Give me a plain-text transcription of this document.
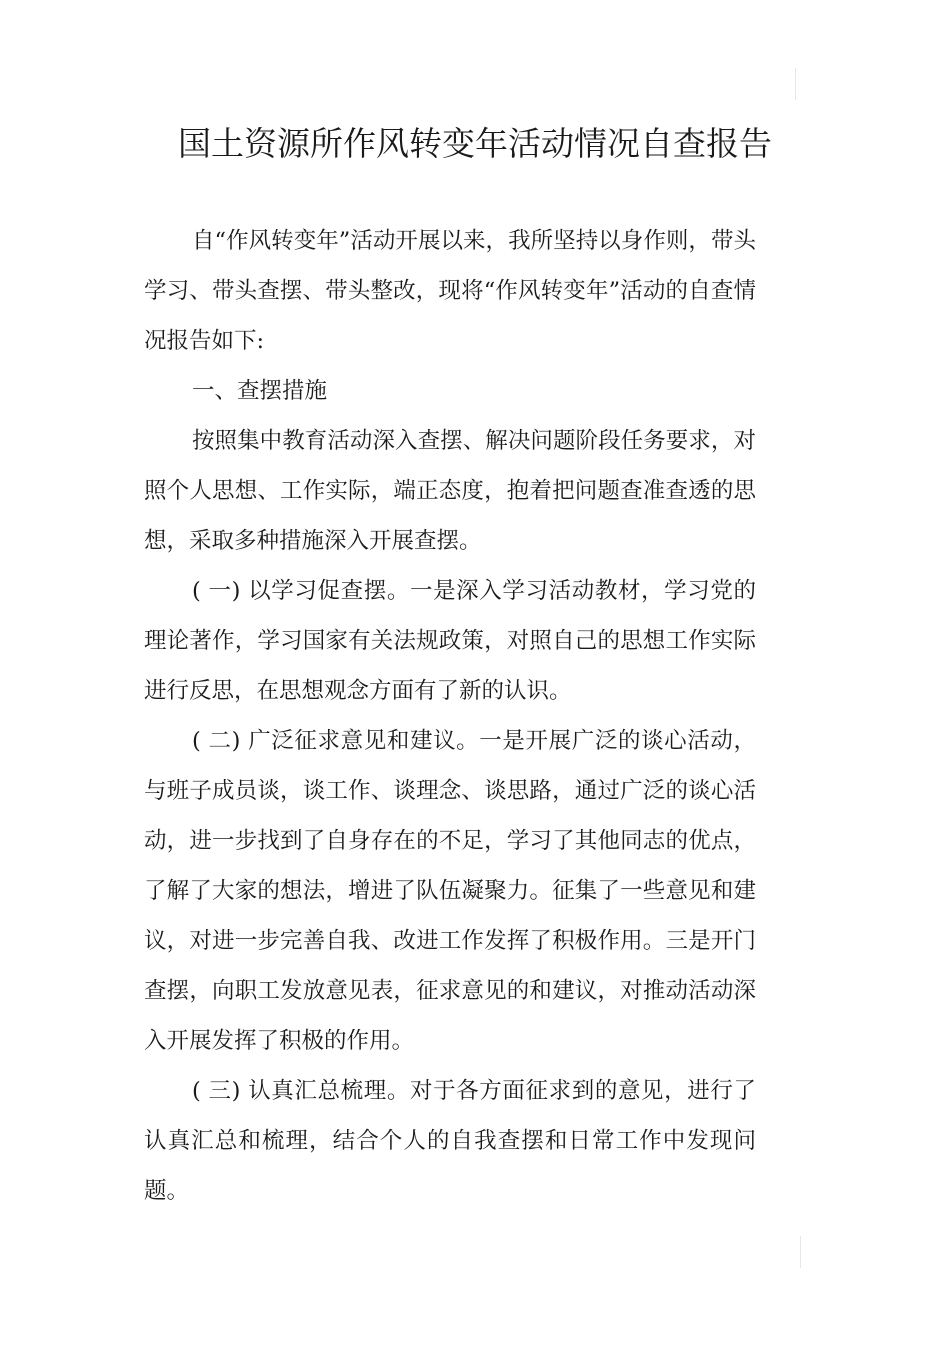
国土资源所作风转变年活动情况自查报告

自“作风转变年”活动开展以来，我所坚持以身作则，带头学习、带头查摆、带头整改，现将“作风转变年”活动的自查情况报告如下:

一、查摆措施

按照集中教育活动深入查摆、解决问题阶段任务要求，对照个人思想、工作实际，端正态度，抱着把问题查准查透的思想，采取多种措施深入开展查摆。

( 一) 以学习促查摆。一是深入学习活动教材，学习党的理论著作，学习国家有关法规政策，对照自己的思想工作实际进行反思，在思想观念方面有了新的认识。

( 二) 广泛征求意见和建议。一是开展广泛的谈心活动，与班子成员谈，谈工作、谈理念、谈思路，通过广泛的谈心活动，进一步找到了自身存在的不足，学习了其他同志的优点，了解了大家的想法，增进了队伍凝聚力。征集了一些意见和建议，对进一步完善自我、改进工作发挥了积极作用。三是开门查摆，向职工发放意见表，征求意见的和建议，对推动活动深入开展发挥了积极的作用。

( 三) 认真汇总梳理。对于各方面征求到的意见，进行了认真汇总和梳理，结合个人的自我查摆和日常工作中发现问题。
